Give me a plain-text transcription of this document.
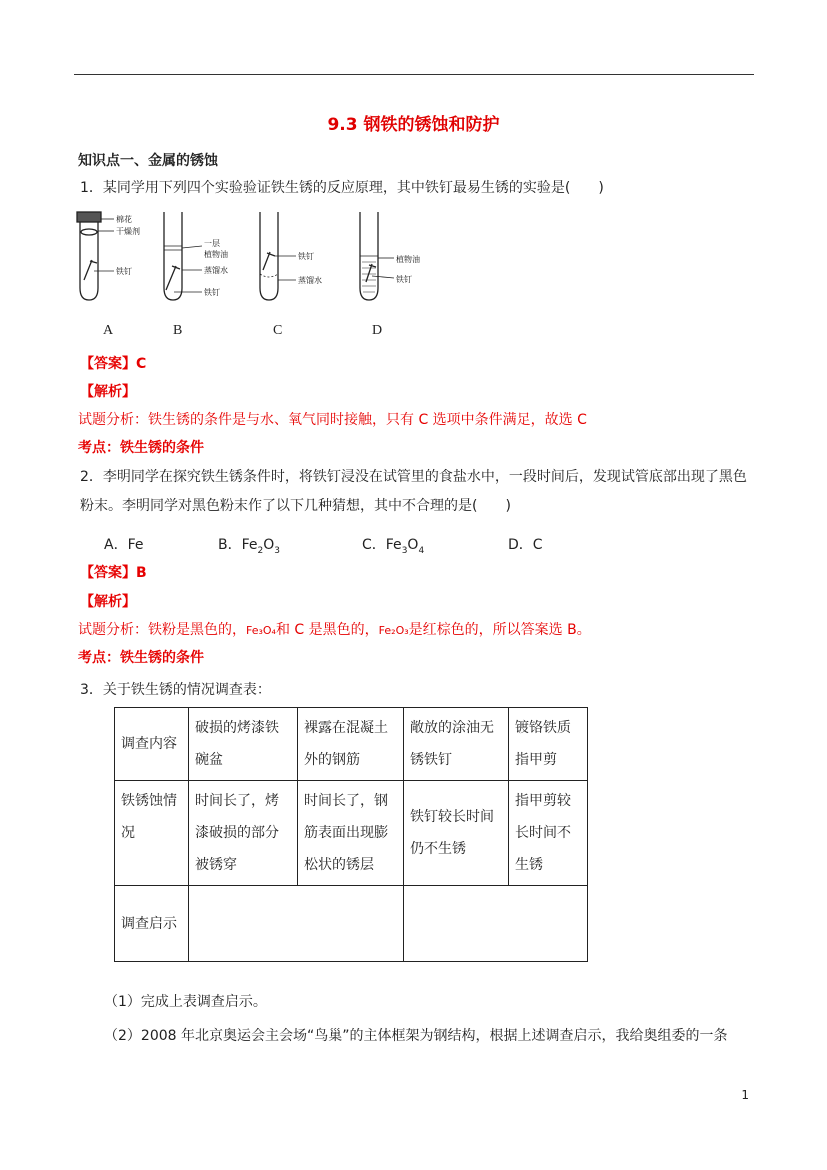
9.3 钢铁的锈蚀和防护
知识点一、金属的锈蚀
1．某同学用下列四个实验验证铁生锈的反应原理，其中铁钉最易生锈的实验是(　　)
棉花
干燥剂
铁钉
一层
植物油
蒸馏水
铁钉
铁钉
蒸馏水
植物油
铁钉
A	B	C	D
【答案】C
【解析】
试题分析：铁生锈的条件是与水、氧气同时接触，只有 C 选项中条件满足，故选 C
考点：铁生锈的条件
2．李明同学在探究铁生锈条件时，将铁钉浸没在试管里的食盐水中，一段时间后，发现试管底部出现了黑色粉末。李明同学对黑色粉末作了以下几种猜想，其中不合理的是(　　)
A．Fe	B．$Fe_2O_3$	C．$Fe_3O_4$	D．C
【答案】B
【解析】
试题分析：铁粉是黑色的，Fe₃O₄和 C 是黑色的，Fe₂O₃是红棕色的，所以答案选 B。
考点：铁生锈的条件
3．关于铁生锈的情况调查表：
调查内容	破损的烤漆铁碗盆	裸露在混凝土外的钢筋	敞放的涂油无锈铁钉	镀铬铁质指甲剪
铁锈蚀情况	时间长了，烤漆破损的部分被锈穿	时间长了，钢筋表面出现膨松状的锈层	铁钉较长时间仍不生锈	指甲剪较长时间不生锈
调查启示				
（1）完成上表调查启示。
（2）2008 年北京奥运会主会场“鸟巢”的主体框架为钢结构，根据上述调查启示，我给奥组委的一条
1
